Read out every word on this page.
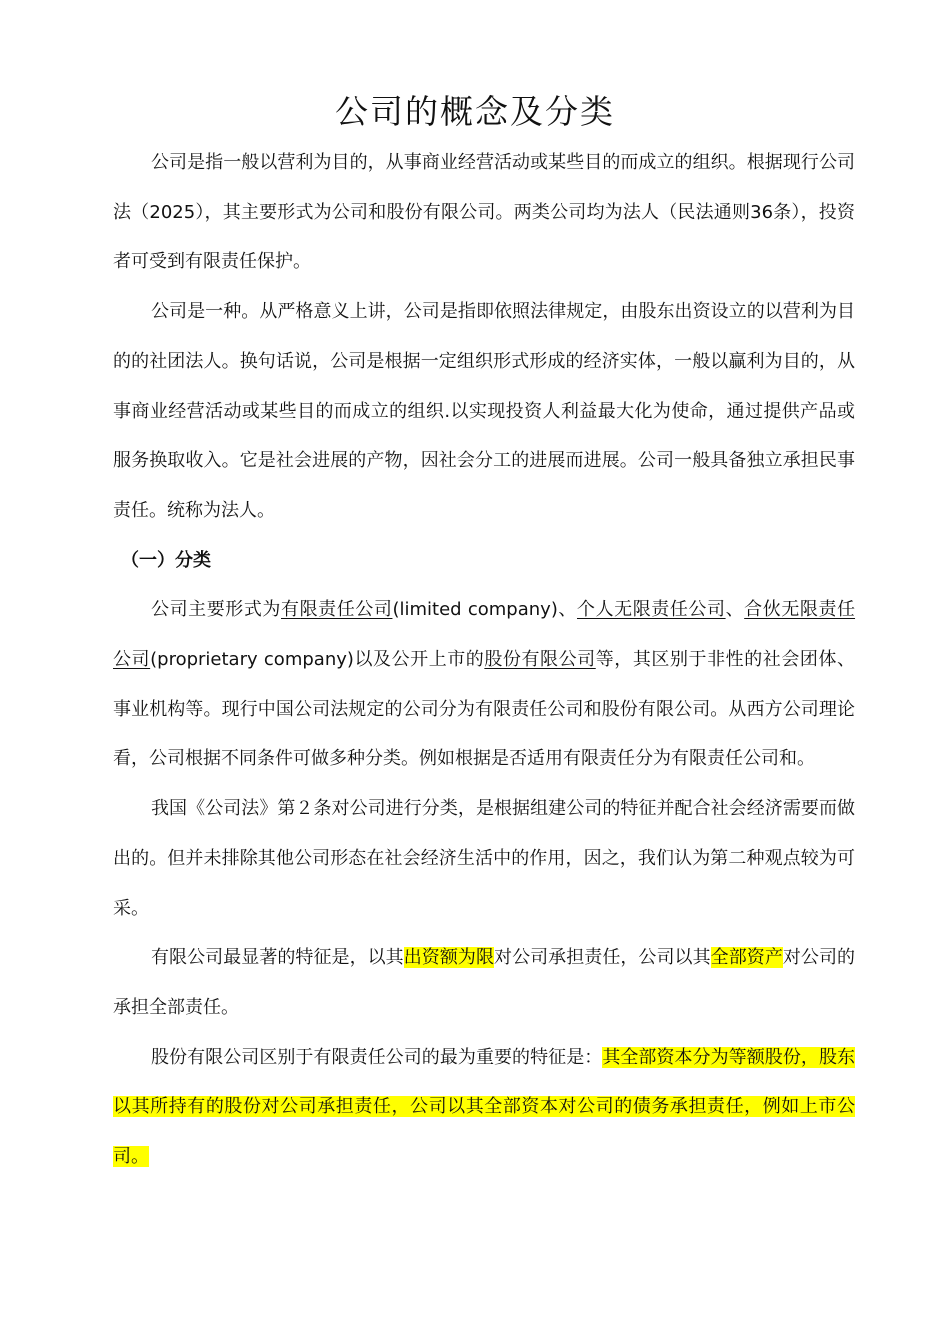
公司的概念及分类

公司是指一般以营利为目的，从事商业经营活动或某些目的而成立的组织。根据现行公司法（2025），其主要形式为公司和股份有限公司。两类公司均为法人（民法通则36条），投资者可受到有限责任保护。

公司是一种。从严格意义上讲，公司是指即依照法律规定，由股东出资设立的以营利为目的的社团法人。换句话说，公司是根据一定组织形式形成的经济实体，一般以赢利为目的，从事商业经营活动或某些目的而成立的组织.以实现投资人利益最大化为使命，通过提供产品或服务换取收入。它是社会进展的产物，因社会分工的进展而进展。公司一般具备独立承担民事责任。统称为法人。

（一）分类

公司主要形式为有限责任公司(limited company)、个人无限责任公司、合伙无限责任公司(proprietary company)以及公开上市的股份有限公司等，其区别于非性的社会团体、事业机构等。现行中国公司法规定的公司分为有限责任公司和股份有限公司。从西方公司理论看，公司根据不同条件可做多种分类。例如根据是否适用有限责任分为有限责任公司和。

我国《公司法》第２条对公司进行分类，是根据组建公司的特征并配合社会经济需要而做出的。但并未排除其他公司形态在社会经济生活中的作用，因之，我们认为第二种观点较为可采。

有限公司最显著的特征是，以其出资额为限对公司承担责任，公司以其全部资产对公司的承担全部责任。

股份有限公司区别于有限责任公司的最为重要的特征是：其全部资本分为等额股份，股东以其所持有的股份对公司承担责任，公司以其全部资本对公司的债务承担责任，例如上市公司。
